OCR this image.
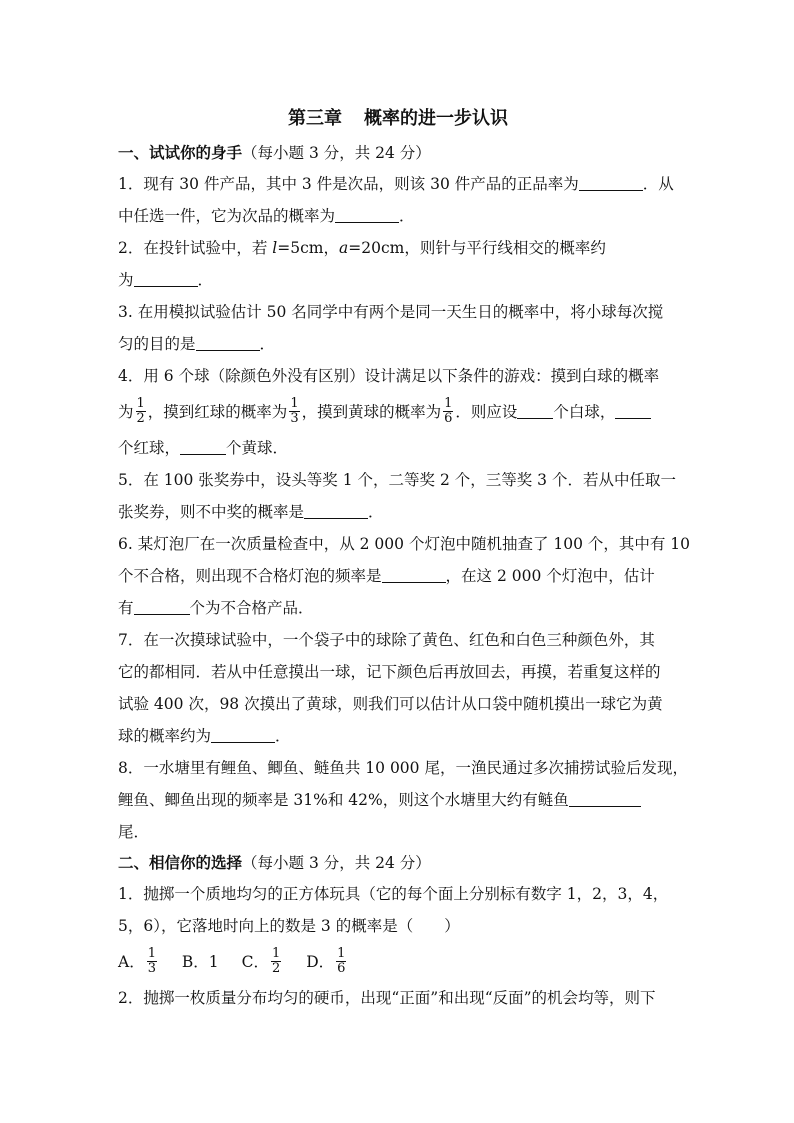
第三章 概率的进一步认识
一、试试你的身手（每小题 3 分，共 24 分）
1．现有 30 件产品，其中 3 件是次品，则该 30 件产品的正品率为	．从
中任选一件，它为次品的概率为	．
2．在投针试验中，若 l=5cm，a=20cm，则针与平行线相交的概率约
为	．
3. 在用模拟试验估计 50 名同学中有两个是同一天生日的概率中，将小球每次搅
匀的目的是	．
4．用 6 个球（除颜色外没有区别）设计满足以下条件的游戏：摸到白球的概率
为 $\frac{1}{2}$ ，摸到红球的概率为 $\frac{1}{3}$ ，摸到黄球的概率为 $\frac{1}{6}$ ．则应设 个白球，
个红球，	个黄球．
5．在 100 张奖券中，设头等奖 1 个，二等奖 2 个，三等奖 3 个．若从中任取一
张奖券，则不中奖的概率是	．
6. 某灯泡厂在一次质量检查中，从 2 000 个灯泡中随机抽查了 100 个，其中有 10
个不合格，则出现不合格灯泡的频率是	，在这 2 000 个灯泡中，估计
有	个为不合格产品．
7．在一次摸球试验中，一个袋子中的球除了黄色、红色和白色三种颜色外，其
它的都相同．若从中任意摸出一球，记下颜色后再放回去，再摸，若重复这样的
试验 400 次，98 次摸出了黄球，则我们可以估计从口袋中随机摸出一球它为黄
球的概率约为	．
8．一水塘里有鲤鱼、鲫鱼、鲢鱼共 10 000 尾，一渔民通过多次捕捞试验后发现，
鲤鱼、鲫鱼出现的频率是 31%和 42%，则这个水塘里大约有鲢鱼
尾．
二、相信你的选择（每小题 3 分，共 24 分）
1．抛掷一个质地均匀的正方体玩具（它的每个面上分别标有数字 1，2，3，4，
5，6），它落地时向上的数是 3 的概率是（　　）
A． $\frac{1}{3}$ B．1 C． $\frac{1}{2}$ D． $\frac{1}{6}$
2．抛掷一枚质量分布均匀的硬币，出现“正面”和出现“反面”的机会均等，则下
